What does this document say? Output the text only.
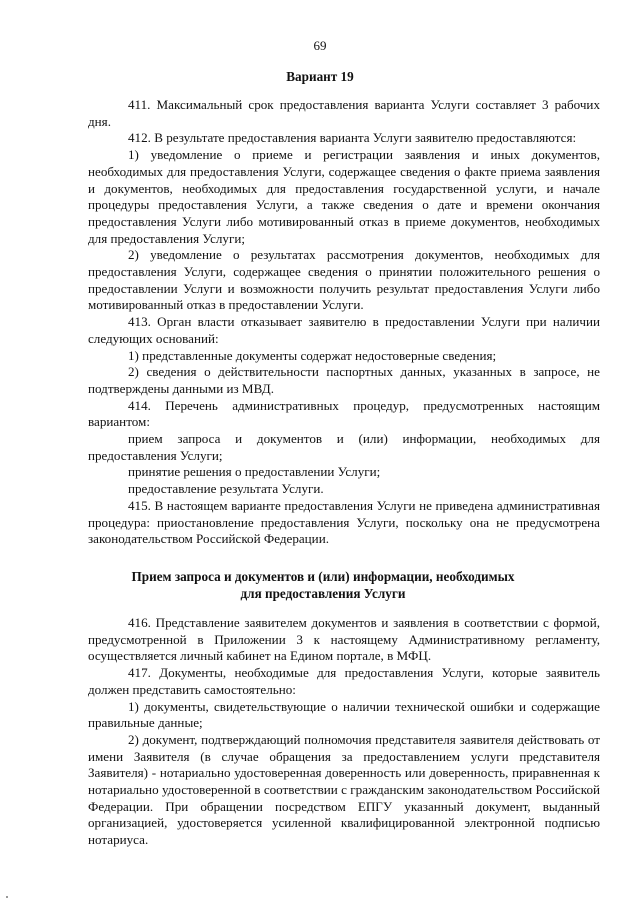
69
Вариант 19

411. Максимальный срок предоставления варианта Услуги составляет 3 рабочих дня.

412. В результате предоставления варианта Услуги заявителю предоставляются:

1) уведомление о приеме и регистрации заявления и иных документов, необходимых для предоставления Услуги, содержащее сведения о факте приема заявления и документов, необходимых для предоставления государственной услуги, и начале процедуры предоставления Услуги, а также сведения о дате и времени окончания предоставления Услуги либо мотивированный отказ в приеме документов, необходимых для предоставления Услуги;

2) уведомление о результатах рассмотрения документов, необходимых для предоставления Услуги, содержащее сведения о принятии положительного решения о предоставлении Услуги и возможности получить результат предоставления Услуги либо мотивированный отказ в предоставлении Услуги.

413. Орган власти отказывает заявителю в предоставлении Услуги при наличии следующих оснований:

1) представленные документы содержат недостоверные сведения;

2) сведения о действительности паспортных данных, указанных в запросе, не подтверждены данными из МВД.

414. Перечень административных процедур, предусмотренных настоящим вариантом:

прием запроса и документов и (или) информации, необходимых для предоставления Услуги;

принятие решения о предоставлении Услуги;

предоставление результата Услуги.

415. В настоящем варианте предоставления Услуги не приведена административная процедура: приостановление предоставления Услуги, поскольку она не предусмотрена законодательством Российской Федерации.

Прием запроса и документов и (или) информации, необходимых для предоставления Услуги

416. Представление заявителем документов и заявления в соответствии с формой, предусмотренной в Приложении 3 к настоящему Административному регламенту, осуществляется личный кабинет на Едином портале, в МФЦ.

417. Документы, необходимые для предоставления Услуги, которые заявитель должен представить самостоятельно:

1) документы, свидетельствующие о наличии технической ошибки и содержащие правильные данные;

2) документ, подтверждающий полномочия представителя заявителя действовать от имени Заявителя (в случае обращения за предоставлением услуги представителя Заявителя) - нотариально удостоверенная доверенность или доверенность, приравненная к нотариально удостоверенной в соответствии с гражданским законодательством Российской Федерации. При обращении посредством ЕПГУ указанный документ, выданный организацией, удостоверяется усиленной квалифицированной электронной подписью нотариуса.
